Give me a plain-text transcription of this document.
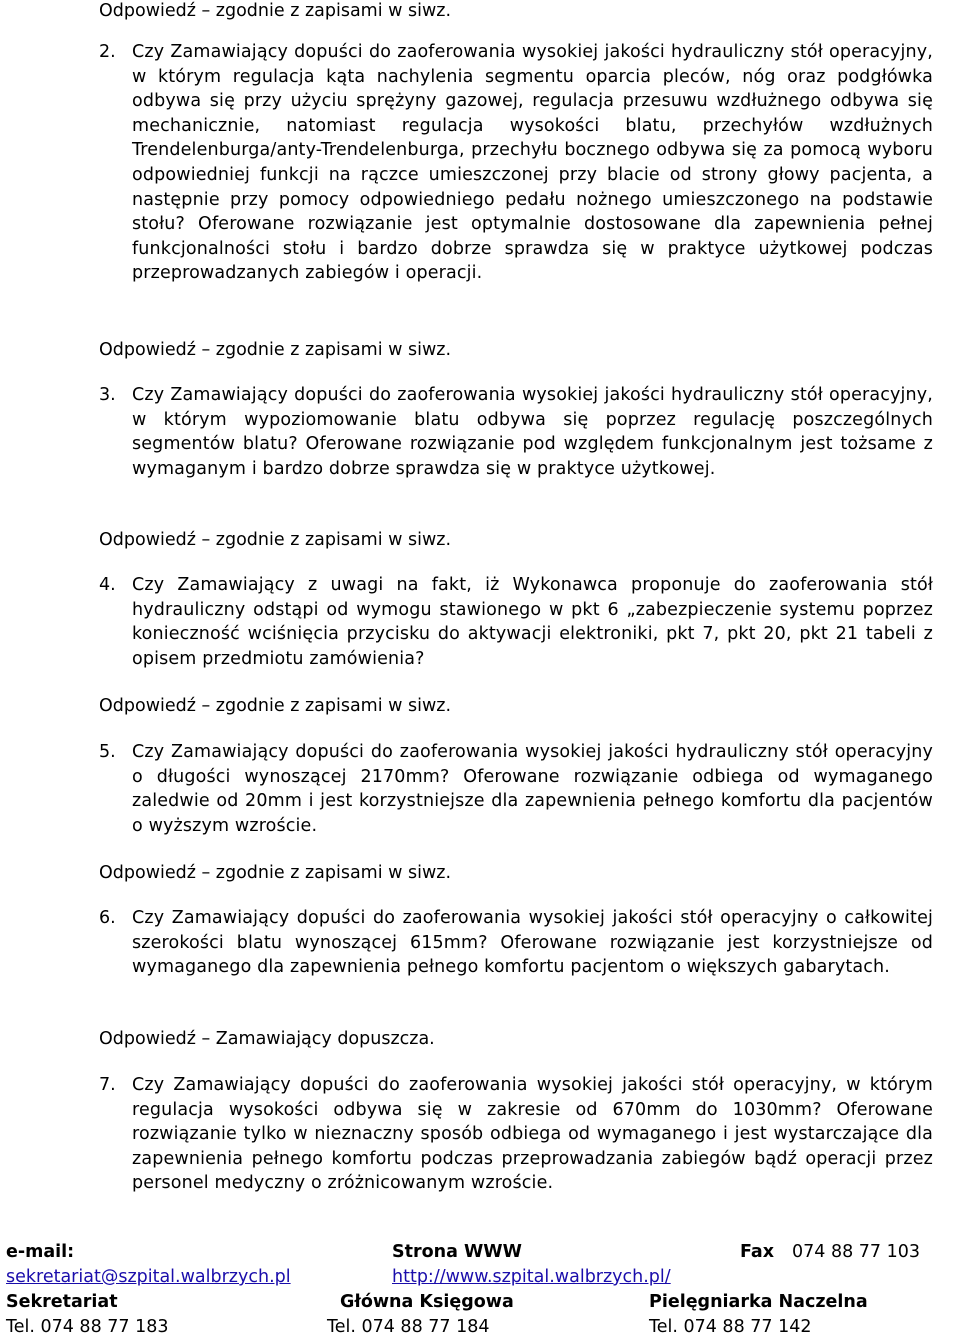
Odpowiedź – zgodnie z zapisami w siwz.
2. Czy Zamawiający dopuści do zaoferowania wysokiej jakości hydrauliczny stół operacyjny, w którym regulacja kąta nachylenia segmentu oparcia pleców, nóg oraz podgłówka odbywa się przy użyciu sprężyny gazowej, regulacja przesuwu wzdłużnego odbywa się mechanicznie, natomiast regulacja wysokości blatu, przechyłów wzdłużnych Trendelenburga/anty-Trendelenburga, przechyłu bocznego odbywa się za pomocą wyboru odpowiedniej funkcji na rączce umieszczonej przy blacie od strony głowy pacjenta, a następnie przy pomocy odpowiedniego pedału nożnego umieszczonego na podstawie stołu? Oferowane rozwiązanie jest optymalnie dostosowane dla zapewnienia pełnej funkcjonalności stołu i bardzo dobrze sprawdza się w praktyce użytkowej podczas przeprowadzanych zabiegów i operacji.
Odpowiedź – zgodnie z zapisami w siwz.
3. Czy Zamawiający dopuści do zaoferowania wysokiej jakości hydrauliczny stół operacyjny, w którym wypoziomowanie blatu odbywa się poprzez regulację poszczególnych segmentów blatu? Oferowane rozwiązanie pod względem funkcjonalnym jest tożsame z wymaganym i bardzo dobrze sprawdza się w praktyce użytkowej.
Odpowiedź – zgodnie z zapisami w siwz.
4. Czy Zamawiający z uwagi na fakt, iż Wykonawca proponuje do zaoferowania stół hydrauliczny odstąpi od wymogu stawionego w pkt 6 „zabezpieczenie systemu poprzez konieczność wciśnięcia przycisku do aktywacji elektroniki, pkt 7, pkt 20, pkt 21 tabeli z opisem przedmiotu zamówienia?
Odpowiedź – zgodnie z zapisami w siwz.
5. Czy Zamawiający dopuści do zaoferowania wysokiej jakości hydrauliczny stół operacyjny o długości wynoszącej 2170mm? Oferowane rozwiązanie odbiega od wymaganego zaledwie od 20mm i jest korzystniejsze dla zapewnienia pełnego komfortu dla pacjentów o wyższym wzroście.
Odpowiedź – zgodnie z zapisami w siwz.
6. Czy Zamawiający dopuści do zaoferowania wysokiej jakości stół operacyjny o całkowitej szerokości blatu wynoszącej 615mm? Oferowane rozwiązanie jest korzystniejsze od wymaganego dla zapewnienia pełnego komfortu pacjentom o większych gabarytach.
Odpowiedź – Zamawiający dopuszcza.
7. Czy Zamawiający dopuści do zaoferowania wysokiej jakości stół operacyjny, w którym regulacja wysokości odbywa się w zakresie od 670mm do 1030mm? Oferowane rozwiązanie tylko w nieznaczny sposób odbiega od wymaganego i jest wystarczające dla zapewnienia pełnego komfortu podczas przeprowadzania zabiegów bądź operacji przez personel medyczny o zróżnicowanym wzroście.
e-mail:	Strona WWW	Fax 074 88 77 103
sekretariat@szpital.walbrzych.pl	http://www.szpital.walbrzych.pl/
Sekretariat	Główna Księgowa	Pielęgniarka Naczelna
Tel. 074 88 77 183	Tel. 074 88 77 184	Tel. 074 88 77 142
